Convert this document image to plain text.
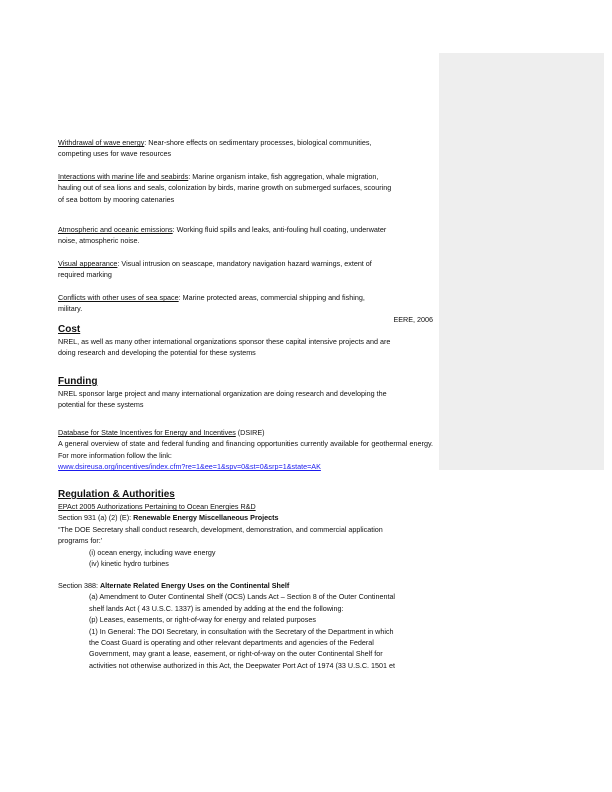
Withdrawal of wave energy: Near-shore effects on sedimentary processes, biological communities,
competing uses for wave resources
Interactions with marine life and seabirds: Marine organism intake, fish aggregation, whale migration,
hauling out of sea lions and seals, colonization by birds, marine growth on submerged surfaces, scouring
of sea bottom by mooring catenaries
Atmospheric and oceanic emissions: Working fluid spills and leaks, anti-fouling hull coating, underwater
noise, atmospheric noise.
Visual appearance: Visual intrusion on seascape, mandatory navigation hazard warnings, extent of
required marking
Conflicts with other uses of sea space: Marine protected areas, commercial shipping and fishing,
military.
EERE, 2006
Cost
NREL, as well as many other international organizations sponsor these capital intensive projects and are
doing research and developing the potential for these systems
Funding
NREL sponsor large project and many international organization are doing research and developing the
potential for these systems
Database for State Incentives for Energy and Incentives (DSIRE)
A general overview of state and federal funding and financing opportunities currently available for geothermal energy. For more information follow the link:
www.dsireusa.org/incentives/index.cfm?re=1&ee=1&spv=0&st=0&srp=1&state=AK
Regulation & Authorities
EPAct 2005 Authorizations Pertaining to Ocean Energies R&D
Section 931 (a) (2) (E): Renewable Energy Miscellaneous Projects
“The DOE Secretary shall conduct research, development, demonstration, and commercial application
programs for:’
(i) ocean energy, including wave energy
(iv) kinetic hydro turbines
Section 388: Alternate Related Energy Uses on the Continental Shelf
(a) Amendment to Outer Continental Shelf (OCS) Lands Act – Section 8 of the Outer Continental
shelf lands Act ( 43 U.S.C. 1337) is amended by adding at the end the following:
(p) Leases, easements, or right-of-way for energy and related purposes
(1) In General: The DOI Secretary, in consultation with the Secretary of the Department in which
the Coast Guard is operating and other relevant departments and agencies of the Federal
Government, may grant a lease, easement, or right-of-way on the outer Continental Shelf for
activities not otherwise authorized in this Act, the Deepwater Port Act of 1974 (33 U.S.C. 1501 et
